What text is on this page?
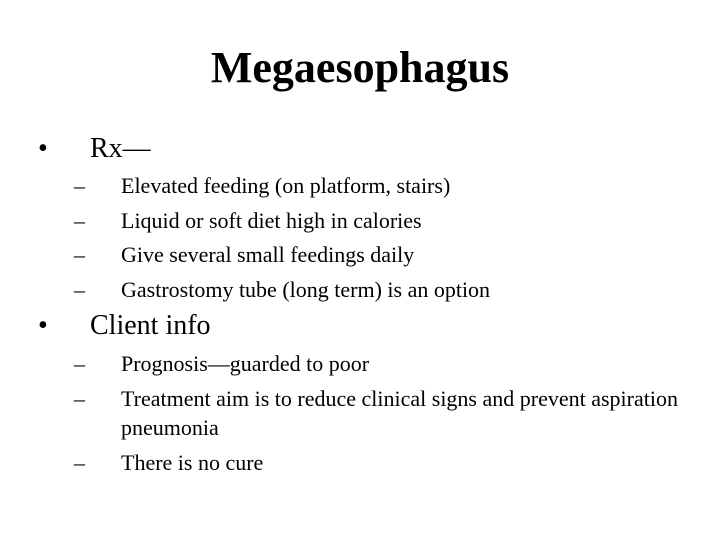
Megaesophagus
• Rx—
– Elevated feeding (on platform, stairs)
– Liquid or soft diet high in calories
– Give several small feedings daily
– Gastrostomy tube (long term) is an option
• Client info
– Prognosis—guarded to poor
– Treatment aim is to reduce clinical signs and prevent aspiration pneumonia
– There is no cure
